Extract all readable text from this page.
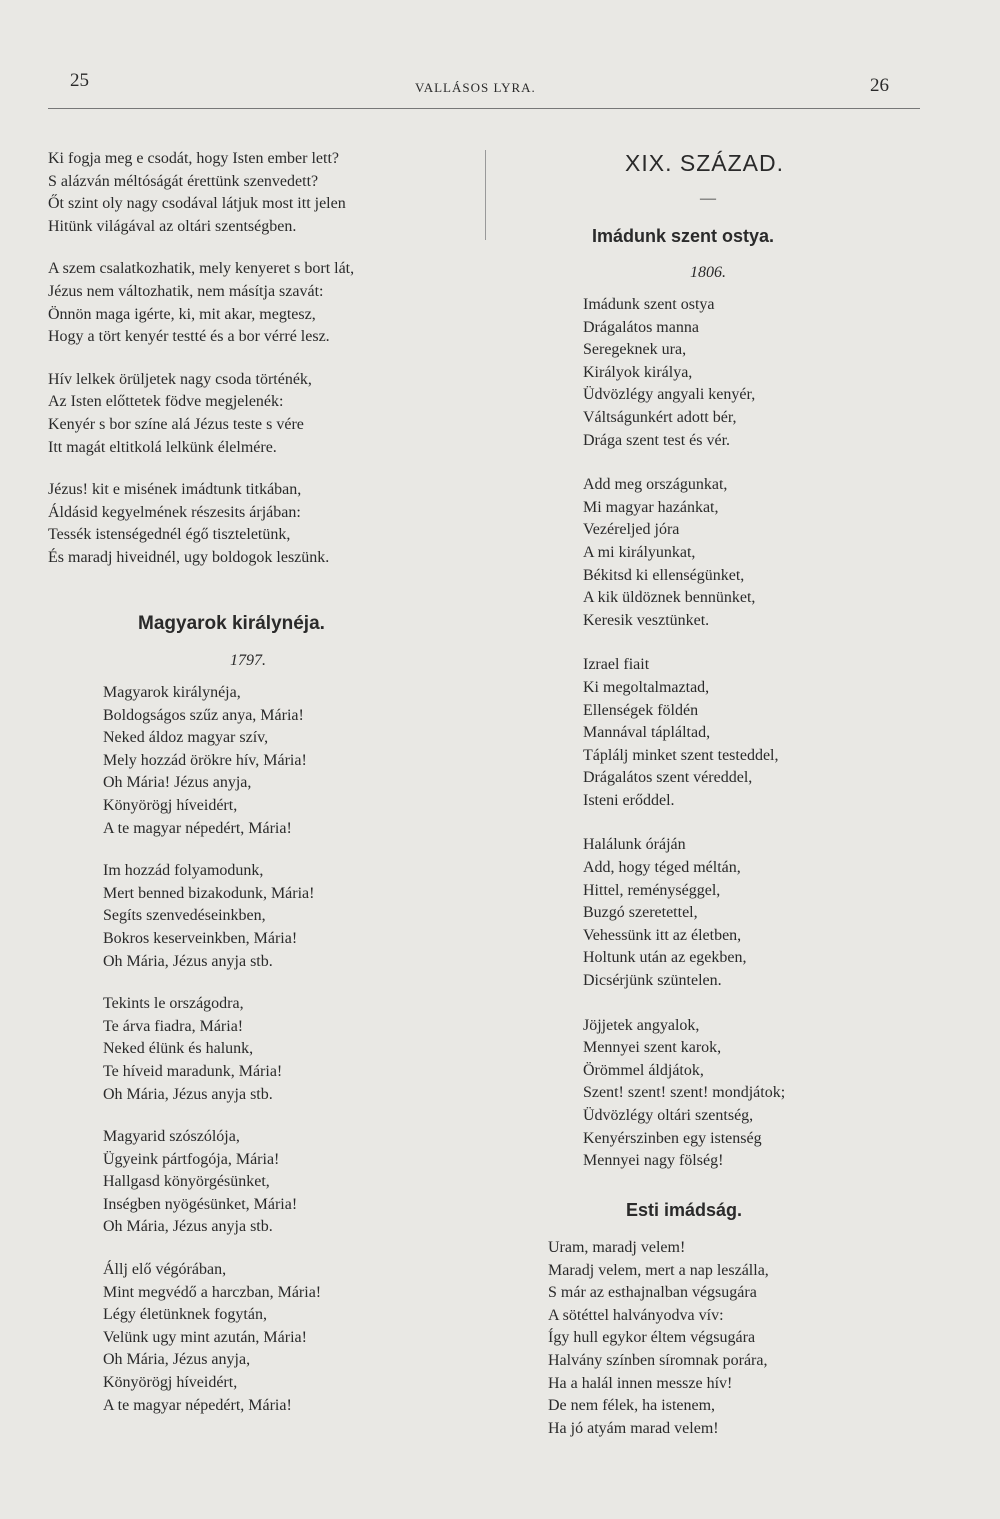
25	VALLÁSOS LYRA.	26
Ki fogja meg e csodát, hogy Isten ember lett?
S alázván méltóságát érettünk szenvedett?
Őt szint oly nagy csodával látjuk most itt jelen
Hitünk világával az oltári szentségben.
A szem csalatkozhatik, mely kenyeret s bort lát,
Jézus nem változhatik, nem másítja szavát:
Önnön maga igérte, ki, mit akar, megtesz,
Hogy a tört kenyér testté és a bor vérré lesz.
Hív lelkek örüljetek nagy csoda történék,
Az Isten előttetek födve megjelenék:
Kenyér s bor színe alá Jézus teste s vére
Itt magát eltitkolá lelkünk élelmére.
Jézus! kit e misének imádtunk titkában,
Áldásid kegyelmének részesits árjában:
Tessék istenségednél égő tiszteletünk,
És maradj hiveidnél, ugy boldogok leszünk.
Magyarok királynéja.
1797.
Magyarok királynéja,
Boldogságos szűz anya, Mária!
Neked áldoz magyar szív,
Mely hozzád örökre hív, Mária!
Oh Mária! Jézus anyja,
Könyörögj híveidért,
A te magyar népedért, Mária!
Im hozzád folyamodunk,
Mert benned bizakodunk, Mária!
Segíts szenvedéseinkben,
Bokros keserveinkben, Mária!
Oh Mária, Jézus anyja stb.
Tekints le országodra,
Te árva fiadra, Mária!
Neked élünk és halunk,
Te híveid maradunk, Mária!
Oh Mária, Jézus anyja stb.
Magyarid szószólója,
Ügyeink pártfogója, Mária!
Hallgasd könyörgésünket,
Inségben nyögésünket, Mária!
Oh Mária, Jézus anyja stb.
Állj elő végórában,
Mint megvédő a harczban, Mária!
Légy életünknek fogytán,
Velünk ugy mint azután, Mária!
Oh Mária, Jézus anyja,
Könyörögj híveidért,
A te magyar népedért, Mária!
XIX. SZÁZAD.
—
Imádunk szent ostya.
1806.
Imádunk szent ostya
Drágalátos manna
Seregeknek ura,
Királyok királya,
Üdvözlégy angyali kenyér,
Váltságunkért adott bér,
Drága szent test és vér.
Add meg országunkat,
Mi magyar hazánkat,
Vezéreljed jóra
A mi királyunkat,
Békitsd ki ellenségünket,
A kik üldöznek bennünket,
Keresik vesztünket.
Izrael fiait
Ki megoltalmaztad,
Ellenségek földén
Mannával tápláltad,
Táplálj minket szent testeddel,
Drágalátos szent véreddel,
Isteni erőddel.
Halálunk óráján
Add, hogy téged méltán,
Hittel, reménységgel,
Buzgó szeretettel,
Vehessünk itt az életben,
Holtunk után az egekben,
Dicsérjünk szüntelen.
Jöjjetek angyalok,
Mennyei szent karok,
Örömmel áldjátok,
Szent! szent! szent! mondjátok;
Üdvözlégy oltári szentség,
Kenyérszinben egy istenség
Mennyei nagy fölség!
Esti imádság.
Uram, maradj velem!
Maradj velem, mert a nap leszálla,
S már az esthajnalban végsugára
A sötéttel halványodva vív:
Így hull egykor éltem végsugára
Halvány színben síromnak porára,
Ha a halál innen messze hív!
De nem félek, ha istenem,
Ha jó atyám marad velem!
